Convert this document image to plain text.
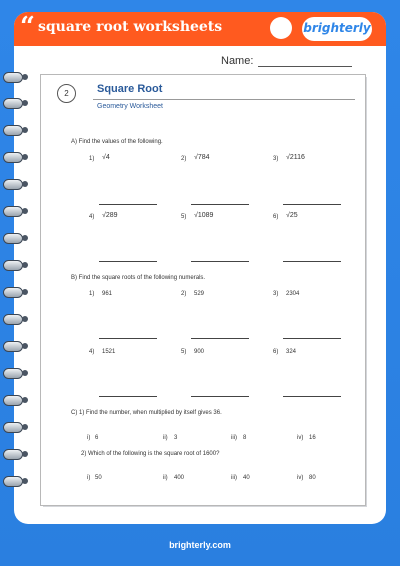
“ square root worksheets	brighterly
Name:
2	Square Root
Geometry Worksheet
A) Find the values of the following.
1) √4	2) √784	3) √2116
4) √289	5) √1089	6) √25
B) Find the square roots of the following numerals.
1) 961	2) 529	3) 2304
4) 1521	5) 900	6) 324
C) 1) Find the number, when multiplied by itself gives 36.
i) 6	ii) 3	iii) 8	iv) 16
2) Which of the following is the square root of 1600?
i) 50	ii) 400	iii) 40	iv) 80
brighterly.com
